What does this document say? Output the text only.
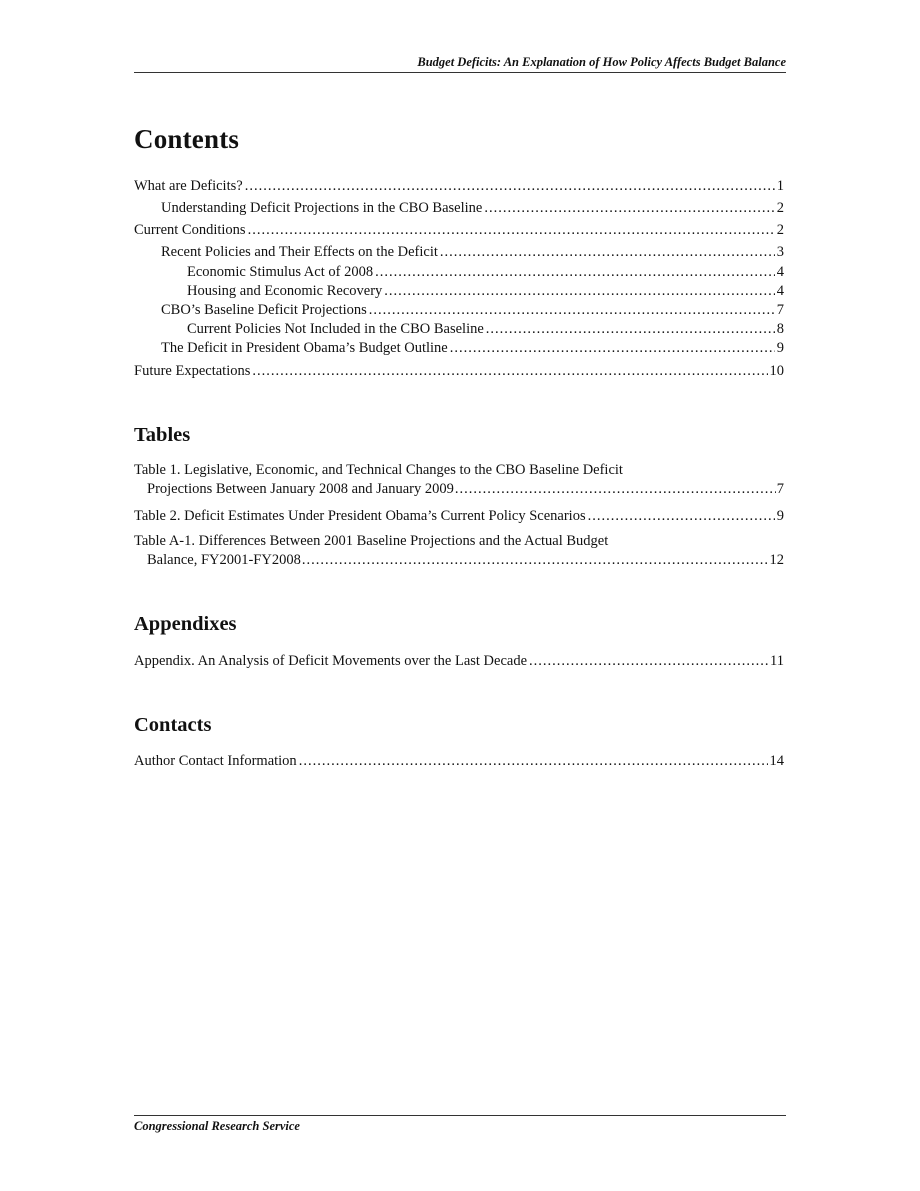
Budget Deficits: An Explanation of How Policy Affects Budget Balance
Contents
What are Deficits? .....	1
Understanding Deficit Projections in the CBO Baseline .....	2
Current Conditions .....	2
Recent Policies and Their Effects on the Deficit .....	3
Economic Stimulus Act of 2008 .....	4
Housing and Economic Recovery .....	4
CBO’s Baseline Deficit Projections .....	7
Current Policies Not Included in the CBO Baseline .....	8
The Deficit in President Obama’s Budget Outline .....	9
Future Expectations .....	10
Tables
Table 1. Legislative, Economic, and Technical Changes to the CBO Baseline Deficit
Projections Between January 2008 and January 2009 .....	7
Table 2. Deficit Estimates Under President Obama’s Current Policy Scenarios .....	9
Table A-1. Differences Between 2001 Baseline Projections and the Actual Budget
Balance, FY2001-FY2008 .....	12
Appendixes
Appendix. An Analysis of Deficit Movements over the Last Decade .....	11
Contacts
Author Contact Information .....	14
Congressional Research Service
